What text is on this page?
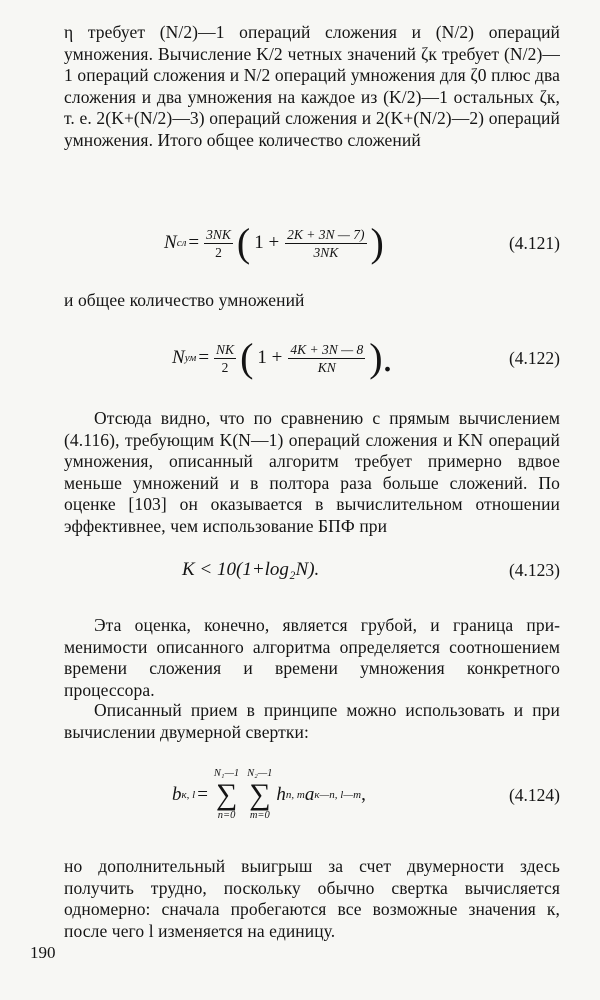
η требует (N/2)—1 операций сложения и (N/2) операций умножения. Вычисление K/2 четных значений ζк требует (N/2)—1 операций сложения и N/2 операций умножения для ζ0 плюс два сложения и два умножения на каждое из (K/2)—1 остальных ζк, т. е. 2(K+(N/2)—3) операций сложения и 2(K+(N/2)—2) операций умножения. Итого общее количество сложений

N сл = $\frac{3NK}{2}$ ( $1 + \frac{2K + 3N — 7)}{3NK}$ )	(4.121)

и общее количество умножений

N ум = $\frac{NK}{2}$ ( $1 + \frac{4K + 3N — 8}{KN}$ ).	(4.122)

Отсюда видно, что по сравнению с прямым вычислением (4.116), требующим K(N—1) операций сложения и KN операций умножения, описанный алгоритм требует примерно вдвое меньше умножений и в полтора раза больше сложений. По оценке [103] он оказывается в вычислительном отношении эффективнее, чем использование БПФ при

K < 10(1+log₂N).	(4.123)

Эта оценка, конечно, является грубой, и граница применимости описанного алгоритма определяется соотношением времени сложения и времени умножения конкретного процессора.

Описанный прием в принципе можно использовать и при вычислении двумерной свертки:

b к, l =
N₁—1
∑
n=0
N₂—1
∑
m=0
h n, m a к—n, l—m ,	(4.124)

но дополнительный выигрыш за счет двумерности здесь получить трудно, поскольку обычно свертка вычисляется одномерно: сначала пробегаются все возможные значения к, после чего l изменяется на единицу.

190
